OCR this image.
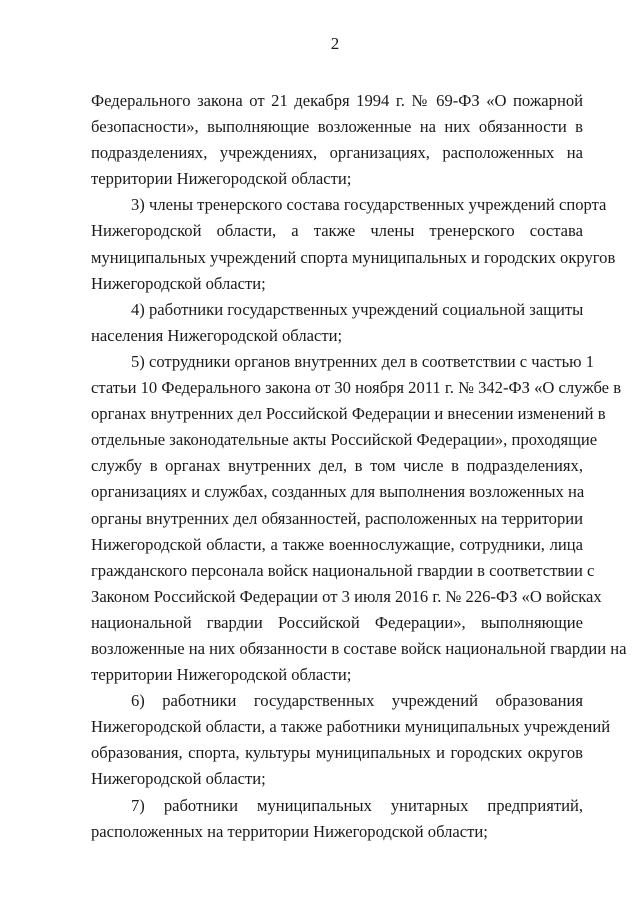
2
Федерального закона от 21 декабря 1994 г. № 69-ФЗ «О пожарной
безопасности», выполняющие возложенные на них обязанности в
подразделениях, учреждениях, организациях, расположенных на
территории Нижегородской области;
3) члены тренерского состава государственных учреждений спорта
Нижегородской области, а также члены тренерского состава
муниципальных учреждений спорта муниципальных и городских округов
Нижегородской области;
4) работники государственных учреждений социальной защиты
населения Нижегородской области;
5) сотрудники органов внутренних дел в соответствии с частью 1
статьи 10 Федерального закона от 30 ноября 2011 г. № 342-ФЗ «О службе в
органах внутренних дел Российской Федерации и внесении изменений в
отдельные законодательные акты Российской Федерации», проходящие
службу в органах внутренних дел, в том числе в подразделениях,
организациях и службах, созданных для выполнения возложенных на
органы внутренних дел обязанностей, расположенных на территории
Нижегородской области, а также военнослужащие, сотрудники, лица
гражданского персонала войск национальной гвардии в соответствии с
Законом Российской Федерации от 3 июля 2016 г. № 226-ФЗ «О войсках
национальной гвардии Российской Федерации», выполняющие
возложенные на них обязанности в составе войск национальной гвардии на
территории Нижегородской области;
6) работники государственных учреждений образования
Нижегородской области, а также работники муниципальных учреждений
образования, спорта, культуры муниципальных и городских округов
Нижегородской области;
7) работники муниципальных унитарных предприятий,
расположенных на территории Нижегородской области;
